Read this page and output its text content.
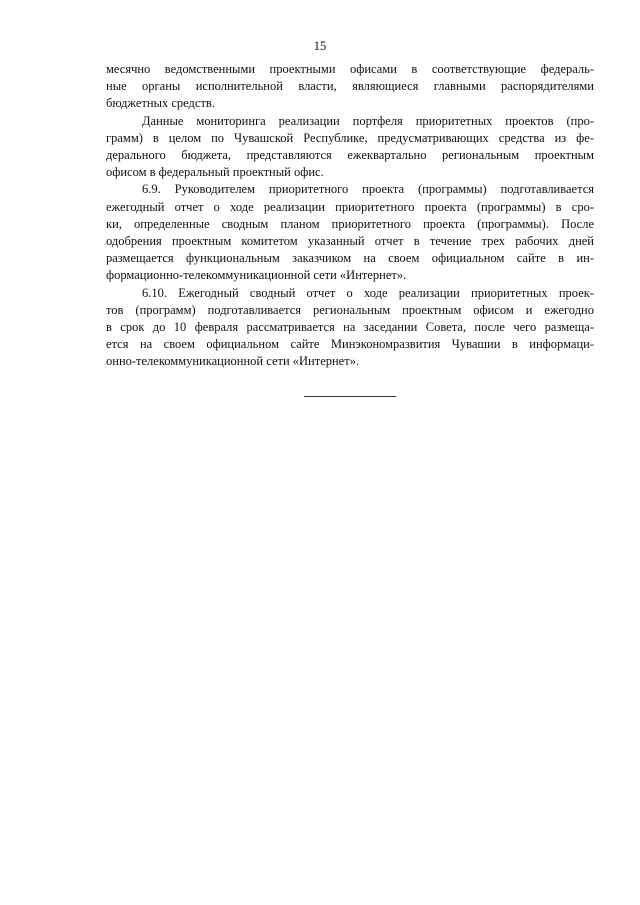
15
месячно ведомственными проектными офисами в соответствующие федераль-
ные органы исполнительной власти, являющиеся главными распорядителями
бюджетных средств.
Данные мониторинга реализации портфеля приоритетных проектов (про-
грамм) в целом по Чувашской Республике, предусматривающих средства из фе-
дерального бюджета, представляются ежеквартально региональным проектным
офисом в федеральный проектный офис.
6.9. Руководителем приоритетного проекта (программы) подготавливается
ежегодный отчет о ходе реализации приоритетного проекта (программы) в сро-
ки, определенные сводным планом приоритетного проекта (программы). После
одобрения проектным комитетом указанный отчет в течение трех рабочих дней
размещается функциональным заказчиком на своем официальном сайте в ин-
формационно-телекоммуникационной сети «Интернет».
6.10. Ежегодный сводный отчет о ходе реализации приоритетных проек-
тов (программ) подготавливается региональным проектным офисом и ежегодно
в срок до 10 февраля рассматривается на заседании Совета, после чего размеща-
ется на своем официальном сайте Минэкономразвития Чувашии в информаци-
онно-телекоммуникационной сети «Интернет».
